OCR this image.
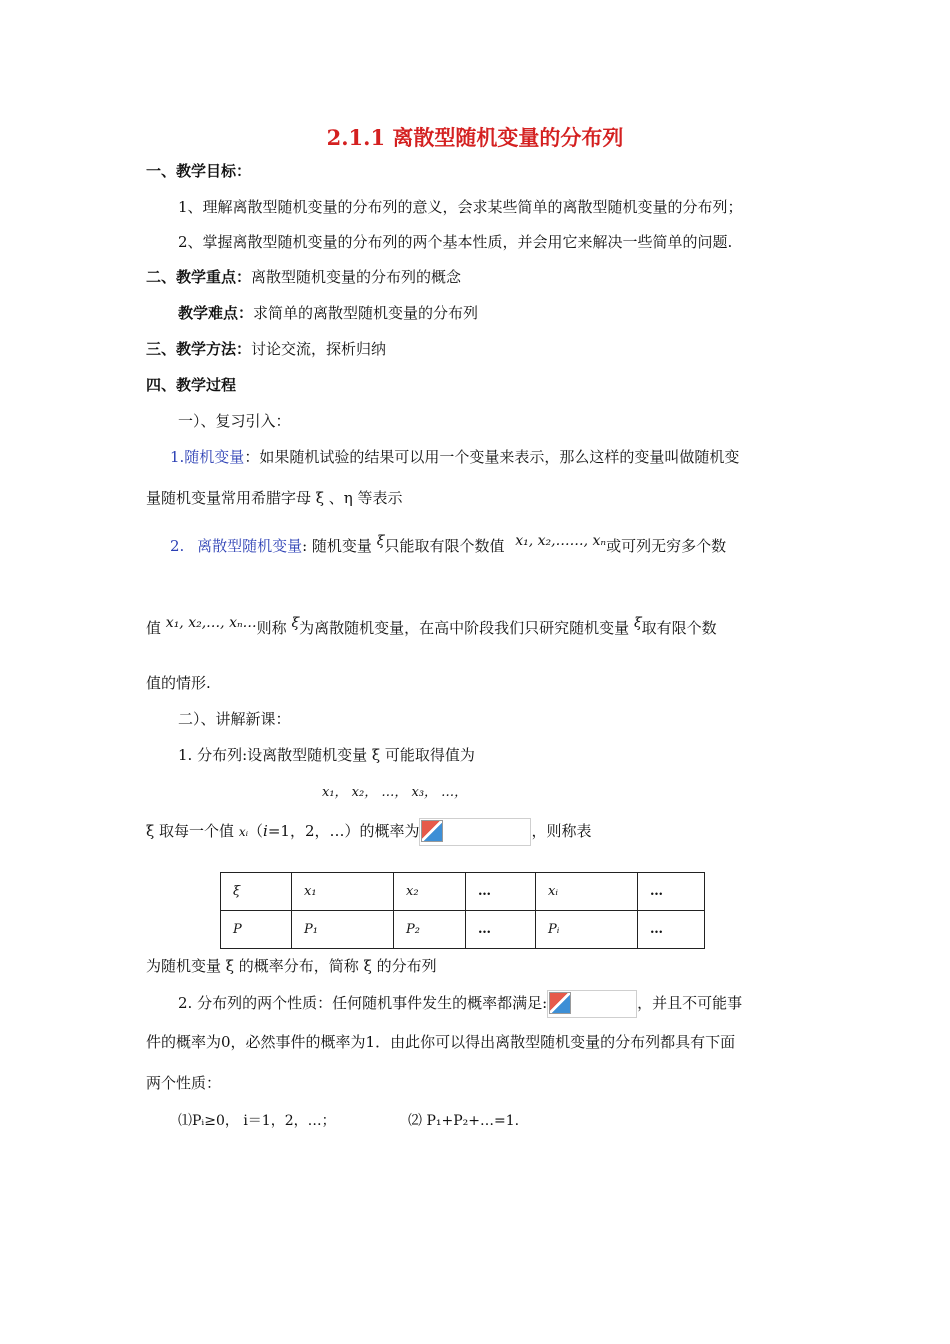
2.1.1 离散型随机变量的分布列
一、教学目标：
1、理解离散型随机变量的分布列的意义，会求某些简单的离散型随机变量的分布列；
2、掌握离散型随机变量的分布列的两个基本性质，并会用它来解决一些简单的问题.
二、教学重点：离散型随机变量的分布列的概念
教学难点：求简单的离散型随机变量的分布列
三、教学方法：讨论交流，探析归纳
四、教学过程
一）、复习引入：
1.随机变量：如果随机试验的结果可以用一个变量来表示，那么这样的变量叫做随机变
量随机变量常用希腊字母 ξ 、η 等表示
2. 离散型随机变量: 随机变量 ξ只能取有限个数值 x₁, x₂,……, xₙ或可列无穷多个数
值 x₁, x₂,…, xₙ…则称 ξ为离散随机变量，在高中阶段我们只研究随机变量 ξ取有限个数
值的情形.
二）、讲解新课：
1. 分布列:设离散型随机变量 ξ 可能取得值为
x₁， x₂， …， x₃， …，
ξ 取每一个值 xᵢ（i=1，2，…）的概率为	，则称表
ξ	x₁	x₂	…	xᵢ	…
P	P₁	P₂	…	Pᵢ	…
为随机变量 ξ 的概率分布，简称 ξ 的分布列
2. 分布列的两个性质：任何随机事件发生的概率都满足:	，并且不可能事
件的概率为0，必然事件的概率为1．由此你可以得出离散型随机变量的分布列都具有下面
两个性质：
⑴Pᵢ≥0， i＝1，2，…；	⑵ P₁+P₂+…=1.
